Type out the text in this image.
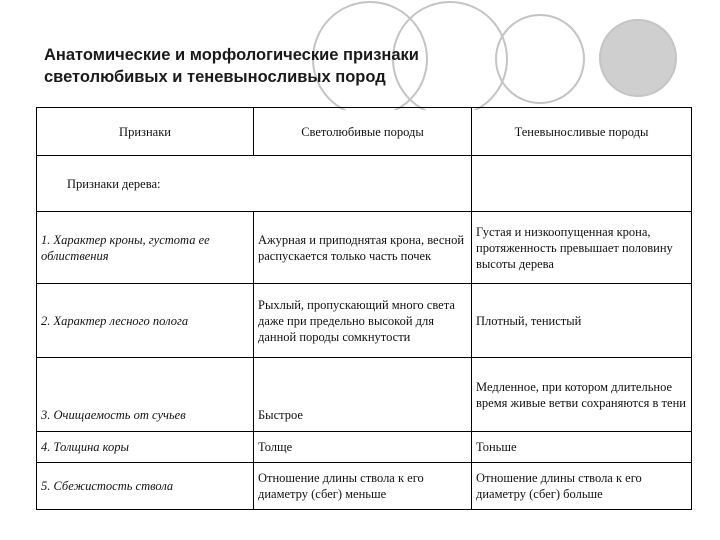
Анатомические и морфологические признаки светолюбивых и теневыносливых пород
Признаки	Светолюбивые породы	Теневыносливые породы
Признаки дерева:		
1. Характер кроны, густота ее облиствения	Ажурная и приподнятая крона, весной распускается только часть почек	Густая и низкоопущенная крона, протяженность превышает половину высоты дерева
2. Характер лесного полога	Рыхлый, пропускающий много света даже при предельно высокой для данной породы сомкнутости	Плотный, тенистый
3. Очищаемость от сучьев	Быстрое	Медленное, при котором длительное время живые ветви сохраняются в тени
4. Толщина коры	Толще	Тоньше
5. Сбежистость ствола	Отношение длины ствола к его диаметру (сбег) меньше	Отношение длины ствола к его диаметру (сбег) больше
